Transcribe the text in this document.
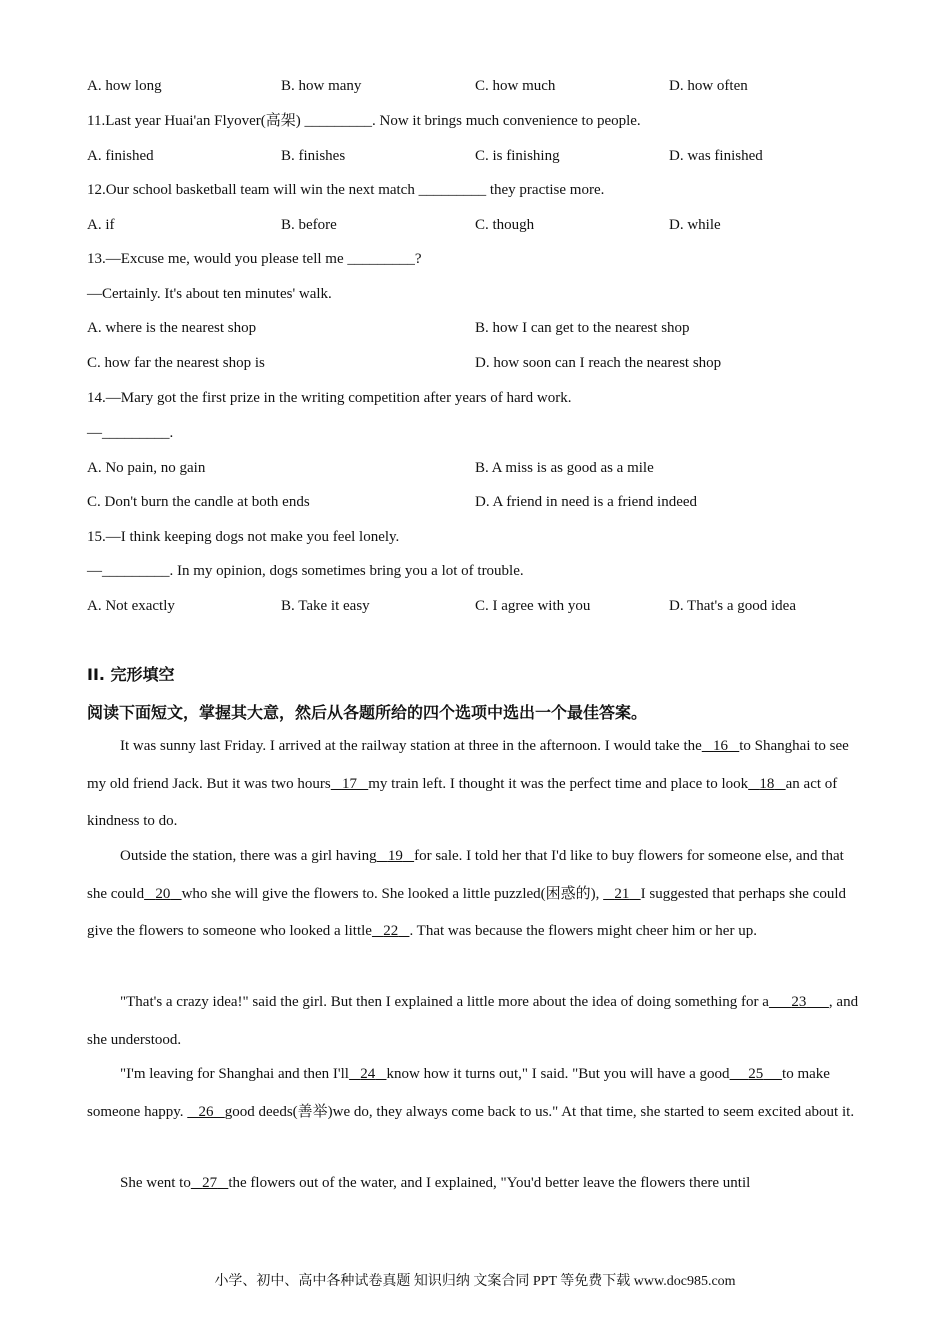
A. how long	B. how many	C. how much	D. how often
11.Last year Huai'an Flyover(高架) _________. Now it brings much convenience to people.
A. finished	B. finishes	C. is finishing	D. was finished
12.Our school basketball team will win the next match _________ they practise more.
A. if	B. before	C. though	D. while
13.—Excuse me, would you please tell me _________?
—Certainly. It's about ten minutes' walk.
A. where is the nearest shop	B. how I can get to the nearest shop
C. how far the nearest shop is	D. how soon can I reach the nearest shop
14.—Mary got the first prize in the writing competition after years of hard work.
—_________.
A. No pain, no gain	B. A miss is as good as a mile
C. Don't burn the candle at both ends	D. A friend in need is a friend indeed
15.—I think keeping dogs not make you feel lonely.
—_________. In my opinion, dogs sometimes bring you a lot of trouble.
A. Not exactly	B. Take it easy	C. I agree with you	D. That's a good idea
II. 完形填空
阅读下面短文，掌握其大意，然后从各题所给的四个选项中选出一个最佳答案。
It was sunny last Friday. I arrived at the railway station at three in the afternoon. I would take the 16 to Shanghai to see my old friend Jack. But it was two hours 17 my train left. I thought it was the perfect time and place to look 18 an act of kindness to do.
Outside the station, there was a girl having 19 for sale. I told her that I'd like to buy flowers for someone else, and that she could 20 who she will give the flowers to. She looked a little puzzled(困惑的), 21 I suggested that perhaps she could give the flowers to someone who looked a little 22 . That was because the flowers might cheer him or her up.
"That's a crazy idea!" said the girl. But then I explained a little more about the idea of doing something for a 23 , and she understood.
"I'm leaving for Shanghai and then I'll 24 know how it turns out," I said. "But you will have a good 25 to make someone happy. 26 good deeds(善举)we do, they always come back to us." At that time, she started to seem excited about it.
She went to 27 the flowers out of the water, and I explained, "You'd better leave the flowers there until
小学、初中、高中各种试卷真题 知识归纳 文案合同 PPT 等免费下载 www.doc985.com
